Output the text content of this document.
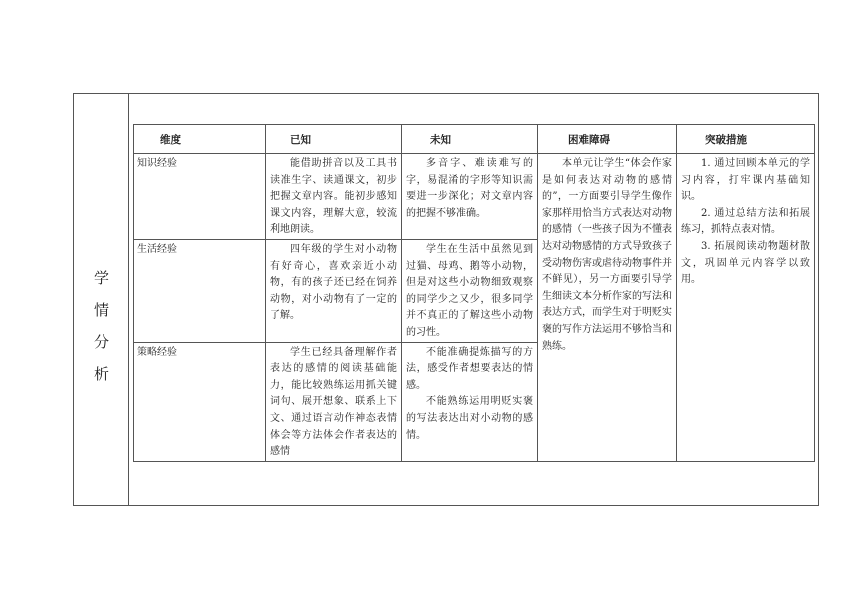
学
情
分
析
维度	已知	未知	困难障碍	突破措施
知识经验	能借助拼音以及工具书读准生字、读通课文，初步把握文章内容。能初步感知课文内容，理解大意，较流利地朗读。	多音字、难读难写的字，易混淆的字形等知识需要进一步深化；对文章内容的把握不够准确。	本单元让学生“体会作家是如何表达对动物的感情的”，一方面要引导学生像作家那样用恰当方式表达对动物的感情（一些孩子因为不懂表达对动物感情的方式导致孩子受动物伤害或虐待动物事件并不鲜见），另一方面要引导学生细读文本分析作家的写法和表达方式，而学生对于明贬实褒的写作方法运用不够恰当和熟练。	1. 通过回顾本单元的学习内容，打牢课内基础知识。

2. 通过总结方法和拓展练习，抓特点表对情。

3. 拓展阅读动物题材散文，巩固单元内容学以致用。

生活经验	四年级的学生对小动物有好奇心，喜欢亲近小动物，有的孩子还已经在饲养动物，对小动物有了一定的了解。	学生在生活中虽然见到过猫、母鸡、鹅等小动物，但是对这些小动物细致观察的同学少之又少，很多同学并不真正的了解这些小动物的习性。		

策略经验	学生已经具备理解作者表达的感情的阅读基础能力，能比较熟练运用抓关键词句、展开想象、联系上下文、通过语言动作神态表情体会等方法体会作者表达的感情	不能准确提炼描写的方法，感受作者想要表达的情感。

不能熟练运用明贬实褒的写法表达出对小动物的感情。		
